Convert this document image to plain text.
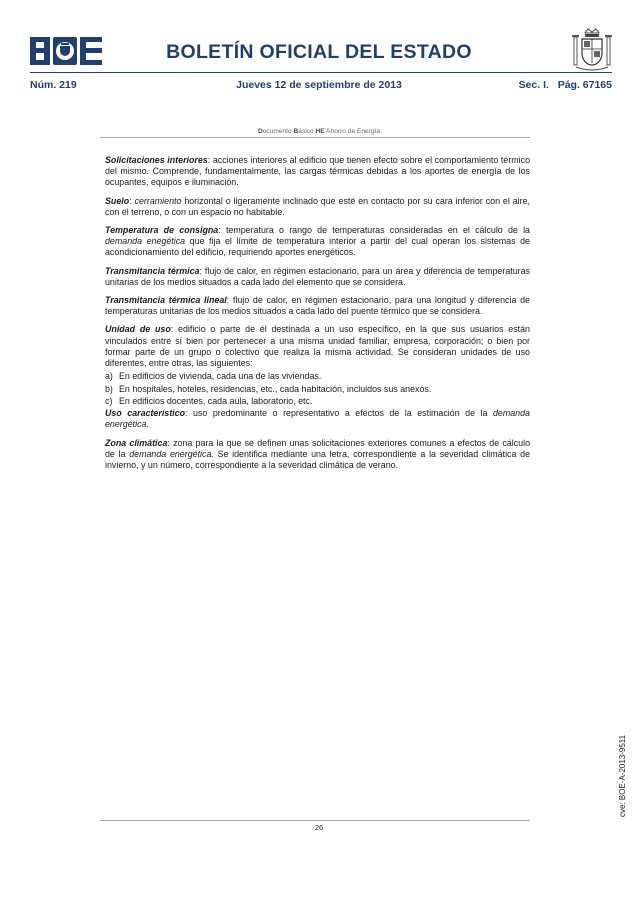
BOLETÍN OFICIAL DEL ESTADO
Núm. 219	Jueves 12 de septiembre de 2013	Sec. I.   Pág. 67165
Documento Básico HE Ahorro de Energía

Solicitaciones interiores: acciones interiores al edificio que tienen efecto sobre el comportamiento térmico del mismo. Comprende, fundamentalmente, las cargas térmicas debidas a los aportes de energía de los ocupantes, equipos e iluminación.

Suelo: cerramiento horizontal o ligeramente inclinado que esté en contacto por su cara inferior con el aire, con el terreno, o con un espacio no habitable.

Temperatura de consigna: temperatura o rango de temperaturas consideradas en el cálculo de la demanda enegética que fija el límite de temperatura interior a partir del cual operan los sistemas de acondicionamiento del edificio, requiriendo aportes energéticos.

Transmitancia térmica: flujo de calor, en régimen estacionario, para un área y diferencia de temperaturas unitarias de los medios situados a cada lado del elemento que se considera.

Transmitancia térmica lineal: flujo de calor, en régimen estacionario, para una longitud y diferencia de temperaturas unitarias de los medios situados a cada lado del puente térmico que se considera.

Unidad de uso: edificio o parte de él destinada a un uso específico, en la que sus usuarios están vinculados entre sí bien por pertenecer a una misma unidad familiar, empresa, corporación; o bien por formar parte de un grupo o colectivo que realiza la misma actividad. Se consideran unidades de uso diferentes, entre otras, las siguientes:

a) En edificios de vivienda, cada una de las viviendas.
b) En hospitales, hoteles, residencias, etc., cada habitación, incluidos sus anexos.
c) En edificios docentes, cada aula, laboratorio, etc.

Uso característico: uso predominante o representativo a efectos de la estimación de la demanda energética.

Zona climática: zona para la que se definen unas solicitaciones exteriores comunes a efectos de cálculo de la demanda energética. Se identifica mediante una letra, correspondiente a la severidad climática de invierno, y un número, correspondiente a la severidad climática de verano.

26
cve: BOE-A-2013-9511
